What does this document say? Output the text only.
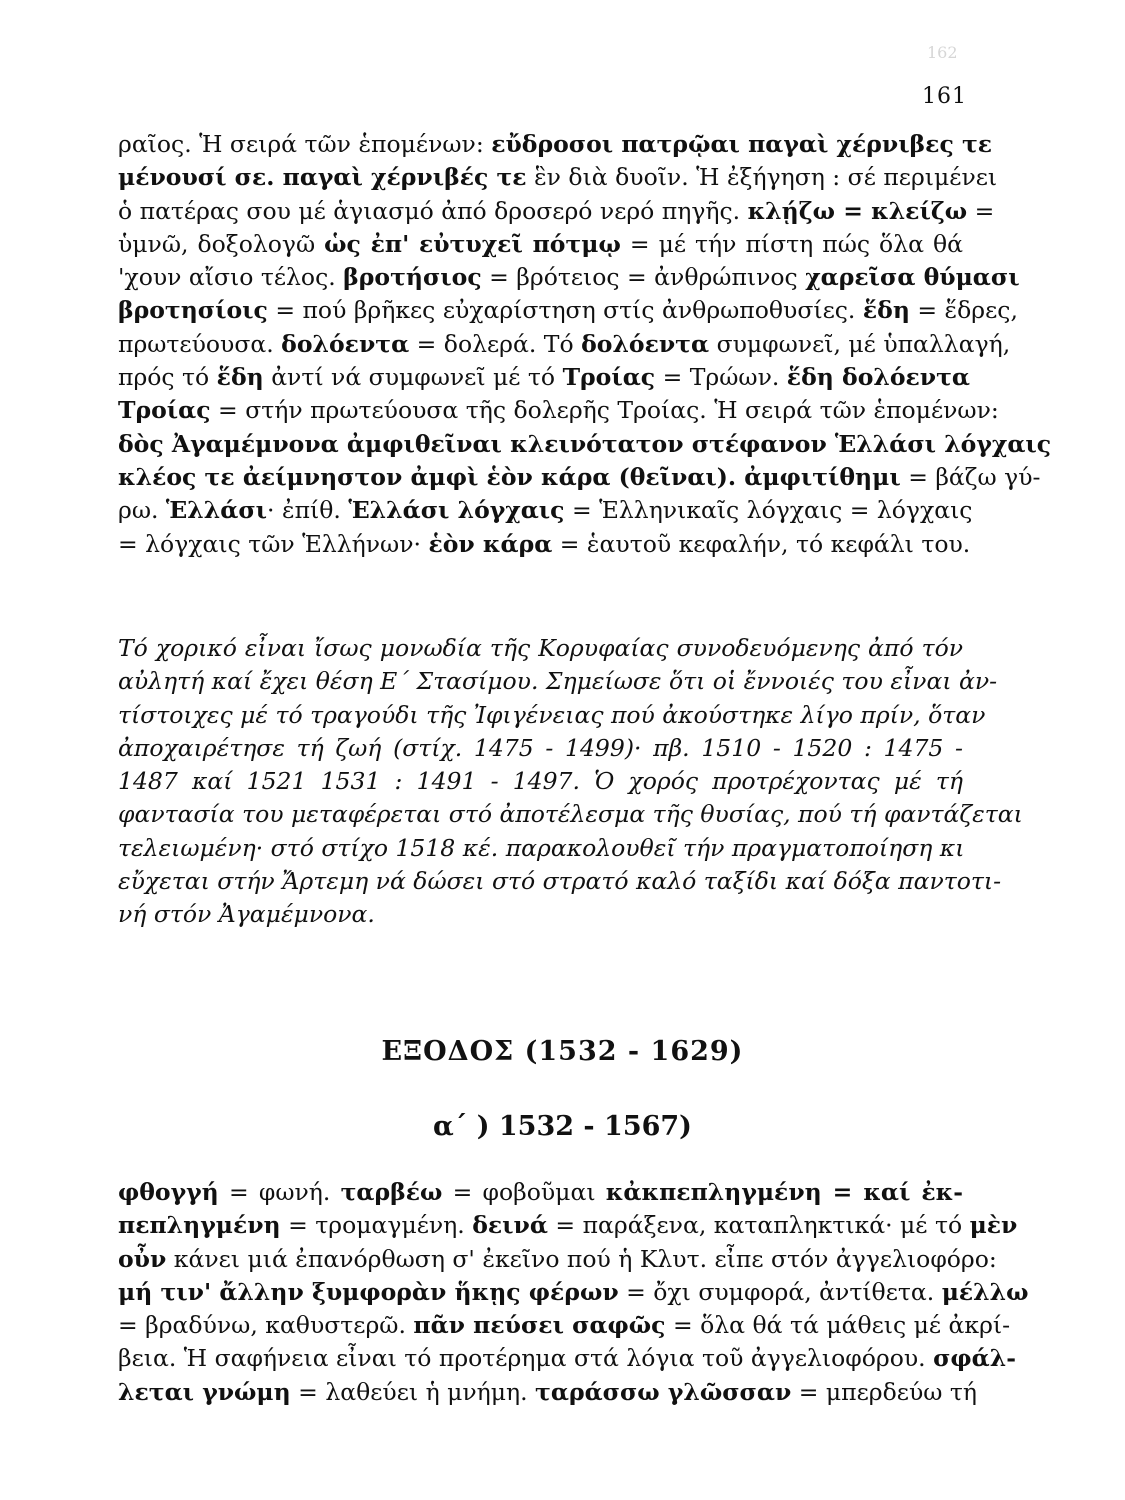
162
161
ραῖος. Ἡ σειρά τῶν ἑπομένων: εὔδροσοι πατρῷαι παγαὶ χέρνιβες τε
μένουσί σε. παγαὶ χέρνιβές τε ἓν διὰ δυοῖν. Ἡ ἐξήγηση : σέ περιμένει
ὁ πατέρας σου μέ ἁγιασμό ἀπό δροσερό νερό πηγῆς. κλῄζω = κλείζω =
ὑμνῶ, δοξολογῶ ὡς ἐπ' εὐτυχεῖ πότμῳ = μέ τήν πίστη πώς ὅλα θά
'χουν αἴσιο τέλος. βροτήσιος = βρότειος = ἀνθρώπινος χαρεῖσα θύμασι
βροτησίοις = πού βρῆκες εὐχαρίστηση στίς ἀνθρωποθυσίες. ἕδη = ἕδρες,
πρωτεύουσα. δολόεντα = δολερά. Τό δολόεντα συμφωνεῖ, μέ ὑπαλλαγή,
πρός τό ἕδη ἀντί νά συμφωνεῖ μέ τό Τροίας = Τρώων. ἕδη δολόεντα
Τροίας = στήν πρωτεύουσα τῆς δολερῆς Τροίας. Ἡ σειρά τῶν ἑπομένων:
δὸς Ἀγαμέμνονα ἀμφιθεῖναι κλεινότατον στέφανον Ἑλλάσι λόγχαις
κλέος τε ἀείμνηστον ἀμφὶ ἑὸν κάρα (θεῖναι). ἀμφιτίθημι = βάζω γύ-
ρω. Ἑλλάσι· ἐπίθ. Ἑλλάσι λόγχαις = Ἑλληνικαῖς λόγχαις = λόγχαις
= λόγχαις τῶν Ἑλλήνων· ἑὸν κάρα = ἑαυτοῦ κεφαλήν, τό κεφάλι του.
Τό χορικό εἶναι ἴσως μονωδία τῆς Κορυφαίας συνοδευόμενης ἀπό τόν
αὐλητή καί ἔχει θέση Ε΄ Στασίμου. Σημείωσε ὅτι οἱ ἔννοιές του εἶναι ἀν-
τίστοιχες μέ τό τραγούδι τῆς Ἰφιγένειας πού ἀκούστηκε λίγο πρίν, ὅταν
ἀποχαιρέτησε τή ζωή (στίχ. 1475 - 1499)· πβ. 1510 - 1520 : 1475 -
1487 καί 1521 1531 : 1491 - 1497. Ὁ χορός προτρέχοντας μέ τή
φαντασία του μεταφέρεται στό ἀποτέλεσμα τῆς θυσίας, πού τή φαντάζεται
τελειωμένη· στό στίχο 1518 κέ. παρακολουθεῖ τήν πραγματοποίηση κι
εὔχεται στήν Ἄρτεμη νά δώσει στό στρατό καλό ταξίδι καί δόξα παντοτι-
νή στόν Ἀγαμέμνονα.
ΕΞΟΔΟΣ (1532 - 1629)
α΄ ) 1532 - 1567)
φθογγή = φωνή. ταρβέω = φοβοῦμαι κἀκπεπληγμένη = καί ἐκ-
πεπληγμένη = τρομαγμένη. δεινά = παράξενα, καταπληκτικά· μέ τό μὲν
οὖν κάνει μιά ἐπανόρθωση σ' ἐκεῖνο πού ἡ Κλυτ. εἶπε στόν ἀγγελιοφόρο:
μή τιν' ἄλλην ξυμφορὰν ἥκῃς φέρων = ὄχι συμφορά, ἀντίθετα. μέλλω
= βραδύνω, καθυστερῶ. πᾶν πεύσει σαφῶς = ὅλα θά τά μάθεις μέ ἀκρί-
βεια. Ἡ σαφήνεια εἶναι τό προτέρημα στά λόγια τοῦ ἀγγελιοφόρου. σφάλ-
λεται γνώμη = λαθεύει ἡ μνήμη. ταράσσω γλῶσσαν = μπερδεύω τή
